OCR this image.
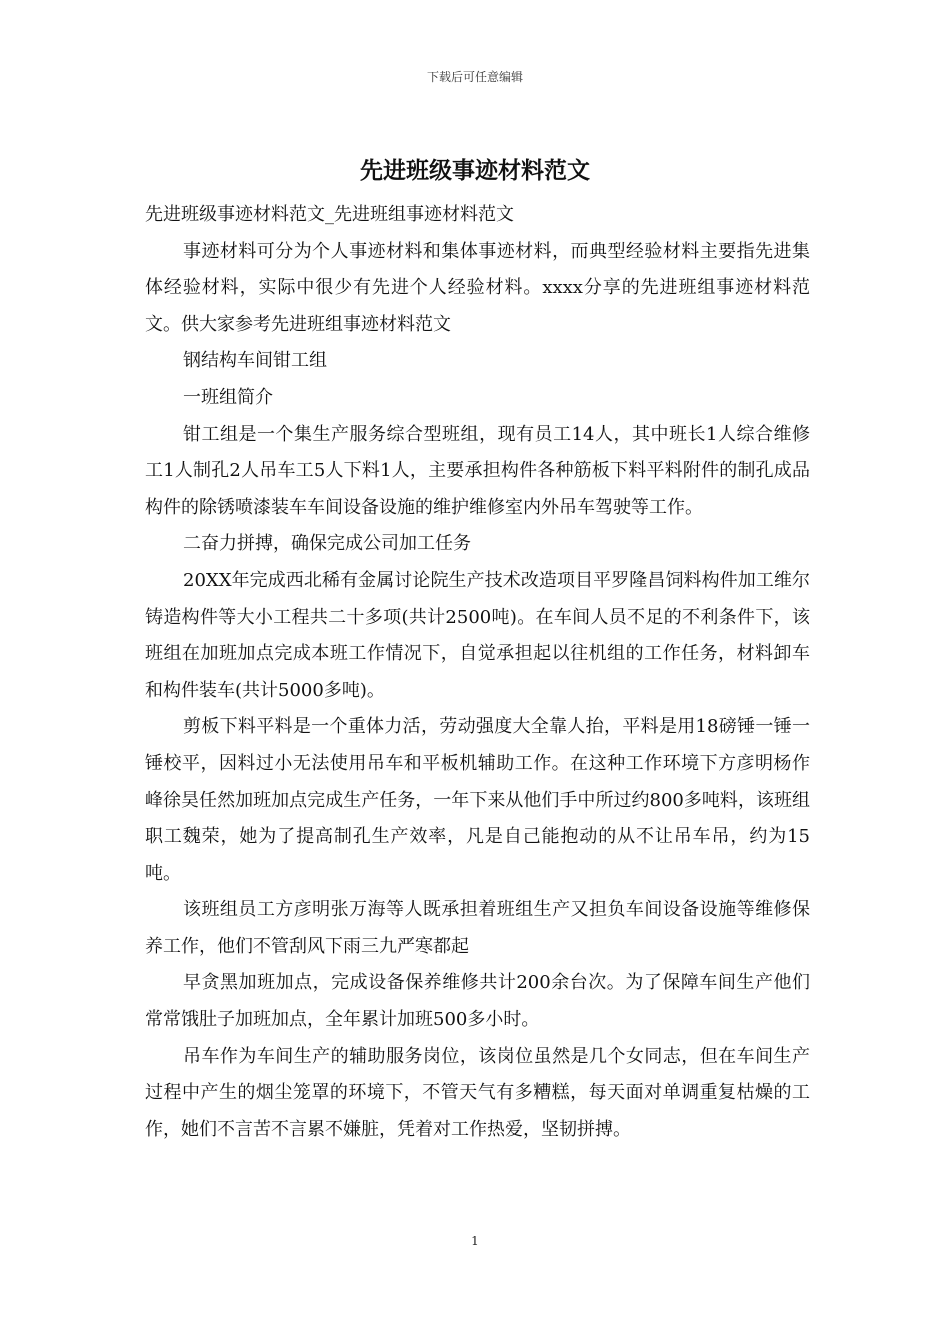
下载后可任意编辑
先进班级事迹材料范文

先进班级事迹材料范文_先进班组事迹材料范文

事迹材料可分为个人事迹材料和集体事迹材料，而典型经验材料主要指先进集体经验材料，实际中很少有先进个人经验材料。xxxx分享的先进班组事迹材料范文。供大家参考先进班组事迹材料范文

钢结构车间钳工组

一班组简介

钳工组是一个集生产服务综合型班组，现有员工14人，其中班长1人综合维修工1人制孔2人吊车工5人下料1人，主要承担构件各种筋板下料平料附件的制孔成品构件的除锈喷漆装车车间设备设施的维护维修室内外吊车驾驶等工作。

二奋力拼搏，确保完成公司加工任务

20XX年完成西北稀有金属讨论院生产技术改造项目平罗隆昌饲料构件加工维尔铸造构件等大小工程共二十多项(共计2500吨)。在车间人员不足的不利条件下，该班组在加班加点完成本班工作情况下，自觉承担起以往机组的工作任务，材料卸车和构件装车(共计5000多吨)。

剪板下料平料是一个重体力活，劳动强度大全靠人抬，平料是用18磅锤一锤一锤校平，因料过小无法使用吊车和平板机辅助工作。在这种工作环境下方彦明杨作峰徐昊任然加班加点完成生产任务，一年下来从他们手中所过约800多吨料，该班组职工魏荣，她为了提高制孔生产效率，凡是自己能抱动的从不让吊车吊，约为15吨。

该班组员工方彦明张万海等人既承担着班组生产又担负车间设备设施等维修保养工作，他们不管刮风下雨三九严寒都起

早贪黑加班加点，完成设备保养维修共计200余台次。为了保障车间生产他们常常饿肚子加班加点，全年累计加班500多小时。

吊车作为车间生产的辅助服务岗位，该岗位虽然是几个女同志，但在车间生产过程中产生的烟尘笼罩的环境下，不管天气有多糟糕，每天面对单调重复枯燥的工作，她们不言苦不言累不嫌脏，凭着对工作热爱，坚韧拼搏。

1
